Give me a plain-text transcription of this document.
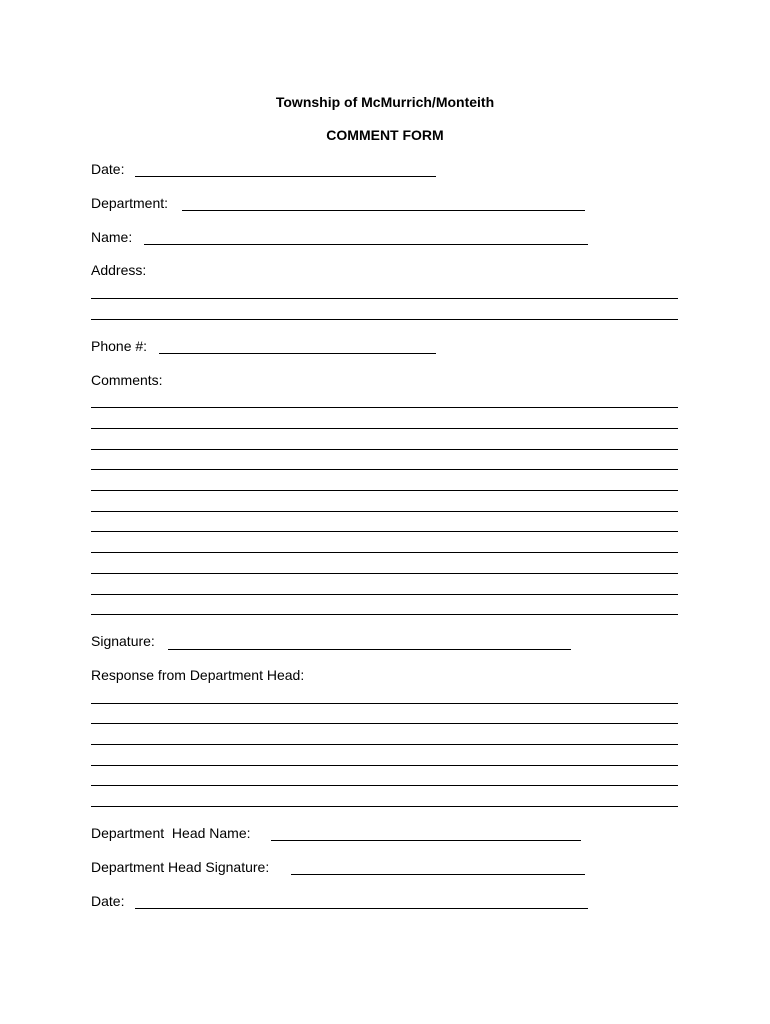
Township of McMurrich/Monteith
COMMENT FORM
Date:
Department:
Name:
Address:
Phone #:
Comments:
Signature:
Response from Department Head:
Department  Head Name:
Department Head Signature:
Date:
